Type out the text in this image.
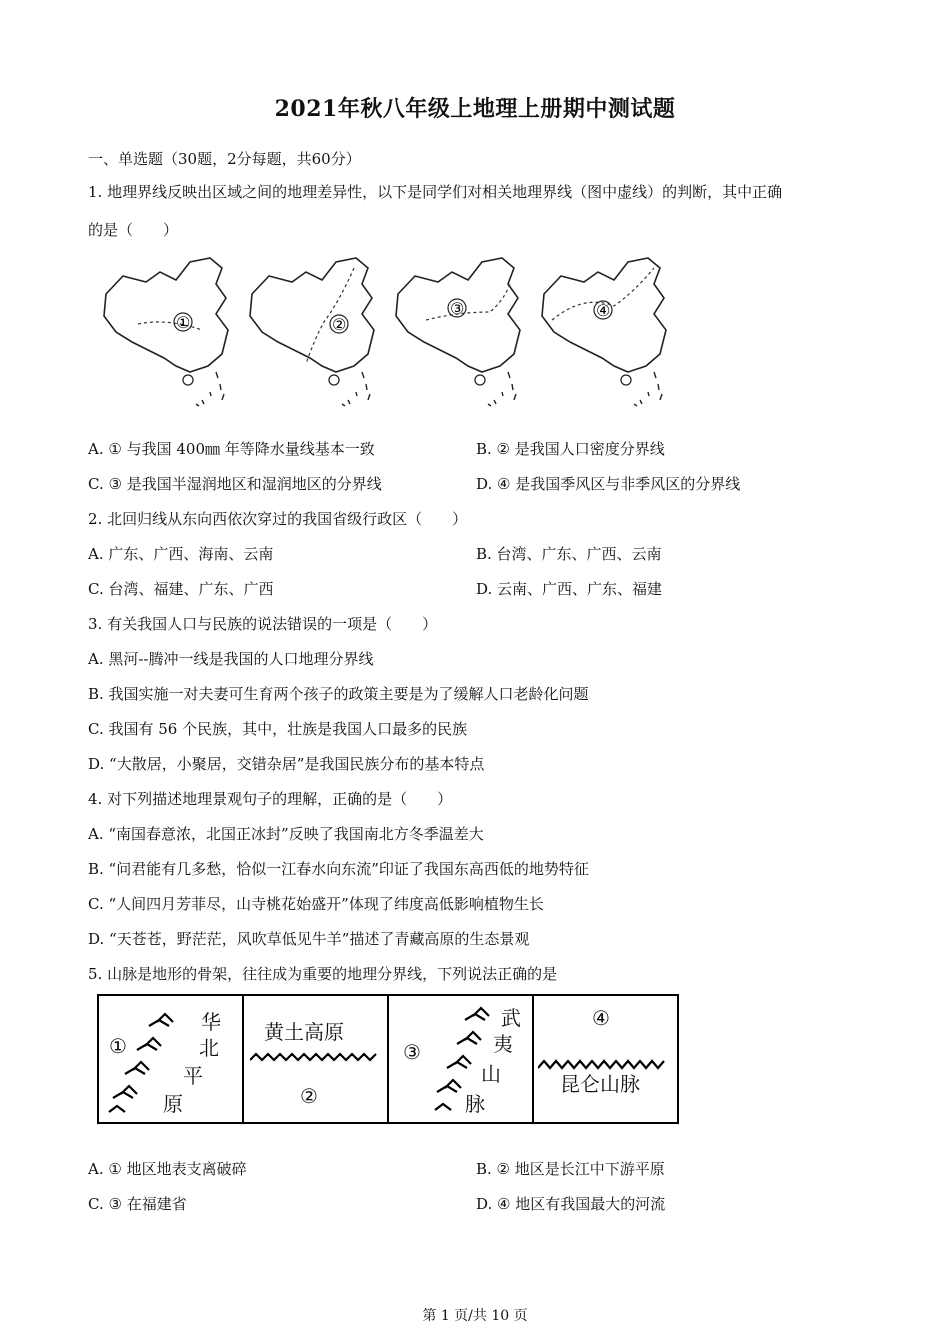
2021年秋八年级上地理上册期中测试题
一、单选题（30题，2分每题，共60分）
1. 地理界线反映出区域之间的地理差异性，以下是同学们对相关地理界线（图中虚线）的判断，其中正确
的是（　　）
①	②
③	④
A. ① 与我国 400㎜ 年等降水量线基本一致	B. ② 是我国人口密度分界线
C. ③ 是我国半湿润地区和湿润地区的分界线	D. ④ 是我国季风区与非季风区的分界线
2. 北回归线从东向西依次穿过的我国省级行政区（　　）
A. 广东、广西、海南、云南	B. 台湾、广东、广西、云南
C. 台湾、福建、广东、广西	D. 云南、广西、广东、福建
3. 有关我国人口与民族的说法错误的一项是（　　）
A. 黑河--腾冲一线是我国的人口地理分界线
B. 我国实施一对夫妻可生育两个孩子的政策主要是为了缓解人口老龄化问题
C. 我国有 56 个民族，其中，壮族是我国人口最多的民族
D. “大散居，小聚居，交错杂居”是我国民族分布的基本特点
4. 对下列描述地理景观句子的理解，正确的是（　　）
A. “南国春意浓，北国正冰封”反映了我国南北方冬季温差大
B. “问君能有几多愁，恰似一江春水向东流”印证了我国东高西低的地势特征
C. “人间四月芳菲尽，山寺桃花始盛开”体现了纬度高低影响植物生长
D. “天苍苍，野茫茫，风吹草低见牛羊”描述了青藏高原的生态景观
5. 山脉是地形的骨架，往往成为重要的地理分界线，下列说法正确的是
①
华
北
平
原
黄土高原
②
③
武
夷
山
脉
④
昆仑山脉
A. ① 地区地表支离破碎	B. ② 地区是长江中下游平原
C. ③ 在福建省	D. ④ 地区有我国最大的河流
第 1 页/共 10 页
